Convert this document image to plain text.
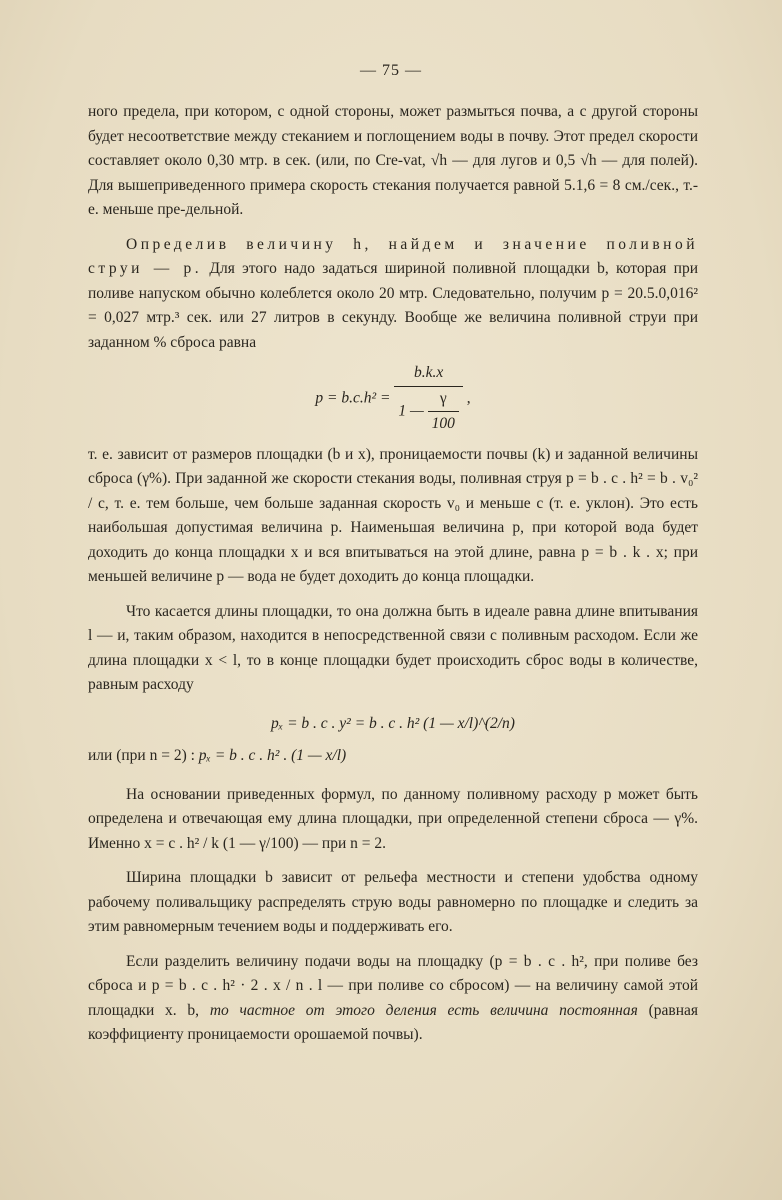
— 75 —

ного предела, при котором, с одной стороны, может размыться почва, а с другой стороны будет несоответствие между стеканием и поглощением воды в почву. Этот предел скорости составляет около 0,30 мтр. в сек. (или, по Cre-vat, √h — для лугов и 0,5 √h — для полей). Для вышеприведенного примера скорость стекания получается равной 5.1,6 = 8 см./сек., т.-е. меньше пре-дельной.

Определив величину h, найдем и значение поливной струи — p. Для этого надо задаться шириной поливной площадки b, которая при поливе напуском обычно колеблется около 20 мтр. Следовательно, получим p = 20.5.0,016² = 0,027 мтр.³ сек. или 27 литров в секунду. Вообще же величина поливной струи при заданном % сброса равна

$p = b.c.h^2 = \frac{b.k.x}{1 — \frac{\gamma}{100}}$ ,

т. е. зависит от размеров площадки (b и x), проницаемости почвы (k) и заданной величины сброса (γ%). При заданной же скорости стекания воды, поливная струя p = b . c . h² = b . v₀² / c, т. е. тем больше, чем больше заданная скорость v₀ и меньше c (т. е. уклон). Это есть наибольшая допустимая величина p. Наименьшая величина p, при которой вода будет доходить до конца площадки x и вся впитываться на этой длине, равна p = b . k . x; при меньшей величине p — вода не будет доходить до конца площадки.

Что касается длины площадки, то она должна быть в идеале равна длине впитывания l — и, таким образом, находится в непосредственной связи с поливным расходом. Если же длина площадки x < l, то в конце площадки будет происходить сброс воды в количестве, равным расходу

pₓ = b . c . y² = b . c . h² (1 — x/l)^(2/n)
или (при n = 2) : pₓ = b . c . h² . (1 — x/l)

На основании приведенных формул, по данному поливному расходу p может быть определена и отвечающая ему длина площадки, при определенной степени сброса — γ%. Именно x = c . h² / k (1 — γ/100) — при n = 2.

Ширина площадки b зависит от рельефа местности и степени удобства одному рабочему поливальщику распределять струю воды равномерно по площадке и следить за этим равномерным течением воды и поддерживать его.

Если разделить величину подачи воды на площадку (p = b . c . h², при поливе без сброса и p = b . c . h² · 2 . x / n . l — при поливе со сбросом) — на величину самой этой площадки x. b, то частное от этого деления есть величина постоянная (равная коэффициенту проницаемости орошаемой почвы).
